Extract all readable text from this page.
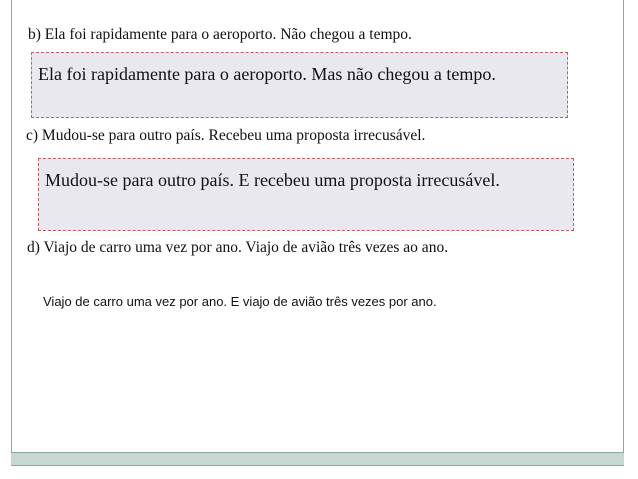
b) Ela foi rapidamente para o aeroporto. Não chegou a tempo.
Ela foi rapidamente para o aeroporto. Mas não chegou a tempo.
c) Mudou-se para outro país. Recebeu uma proposta irrecusável.
Mudou-se para outro país. E recebeu uma proposta irrecusável.
d) Viajo de carro uma vez por ano. Viajo de avião três vezes ao ano.
Viajo de carro uma vez por ano. E viajo de avião três vezes por ano.
